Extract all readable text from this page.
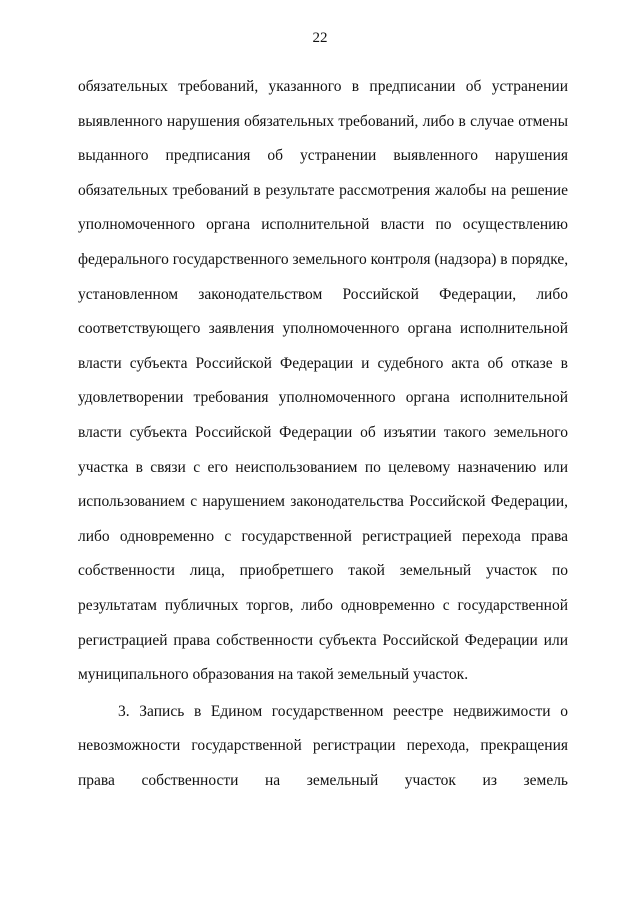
22
обязательных требований, указанного в предписании об устранении
выявленного нарушения обязательных требований, либо в случае отмены
выданного предписания об устранении выявленного нарушения
обязательных требований в результате рассмотрения жалобы на решение
уполномоченного органа исполнительной власти по осуществлению
федерального государственного земельного контроля (надзора) в порядке,
установленном законодательством Российской Федерации, либо
соответствующего заявления уполномоченного органа исполнительной
власти субъекта Российской Федерации и судебного акта об отказе в
удовлетворении требования уполномоченного органа исполнительной
власти субъекта Российской Федерации об изъятии такого земельного
участка в связи с его неиспользованием по целевому назначению или
использованием с нарушением законодательства Российской Федерации,
либо одновременно с государственной регистрацией перехода права
собственности лица, приобретшего такой земельный участок по
результатам публичных торгов, либо одновременно с государственной
регистрацией права собственности субъекта Российской Федерации или
муниципального образования на такой земельный участок.
3. Запись в Едином государственном реестре недвижимости о
невозможности государственной регистрации перехода, прекращения
права собственности на земельный участок из земель
